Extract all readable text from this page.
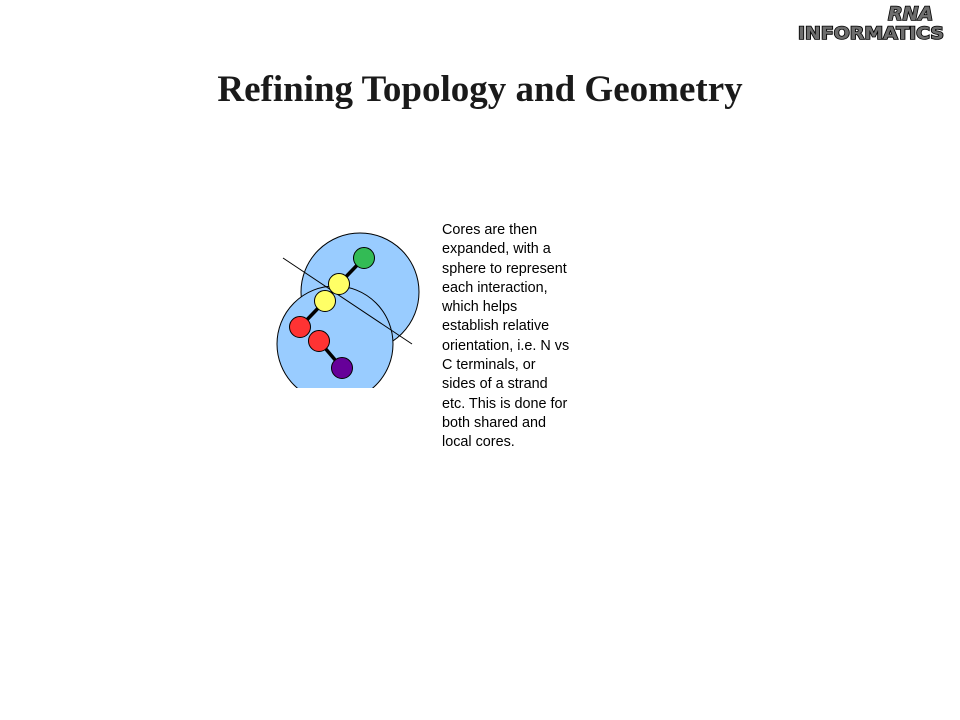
RNA
INFORMATICS
Refining Topology and Geometry

Cores are then
expanded, with a
sphere to represent
each interaction,
which helps
establish relative
orientation, i.e. N vs
C terminals, or
sides of a strand
etc. This is done for
both shared and
local cores.
